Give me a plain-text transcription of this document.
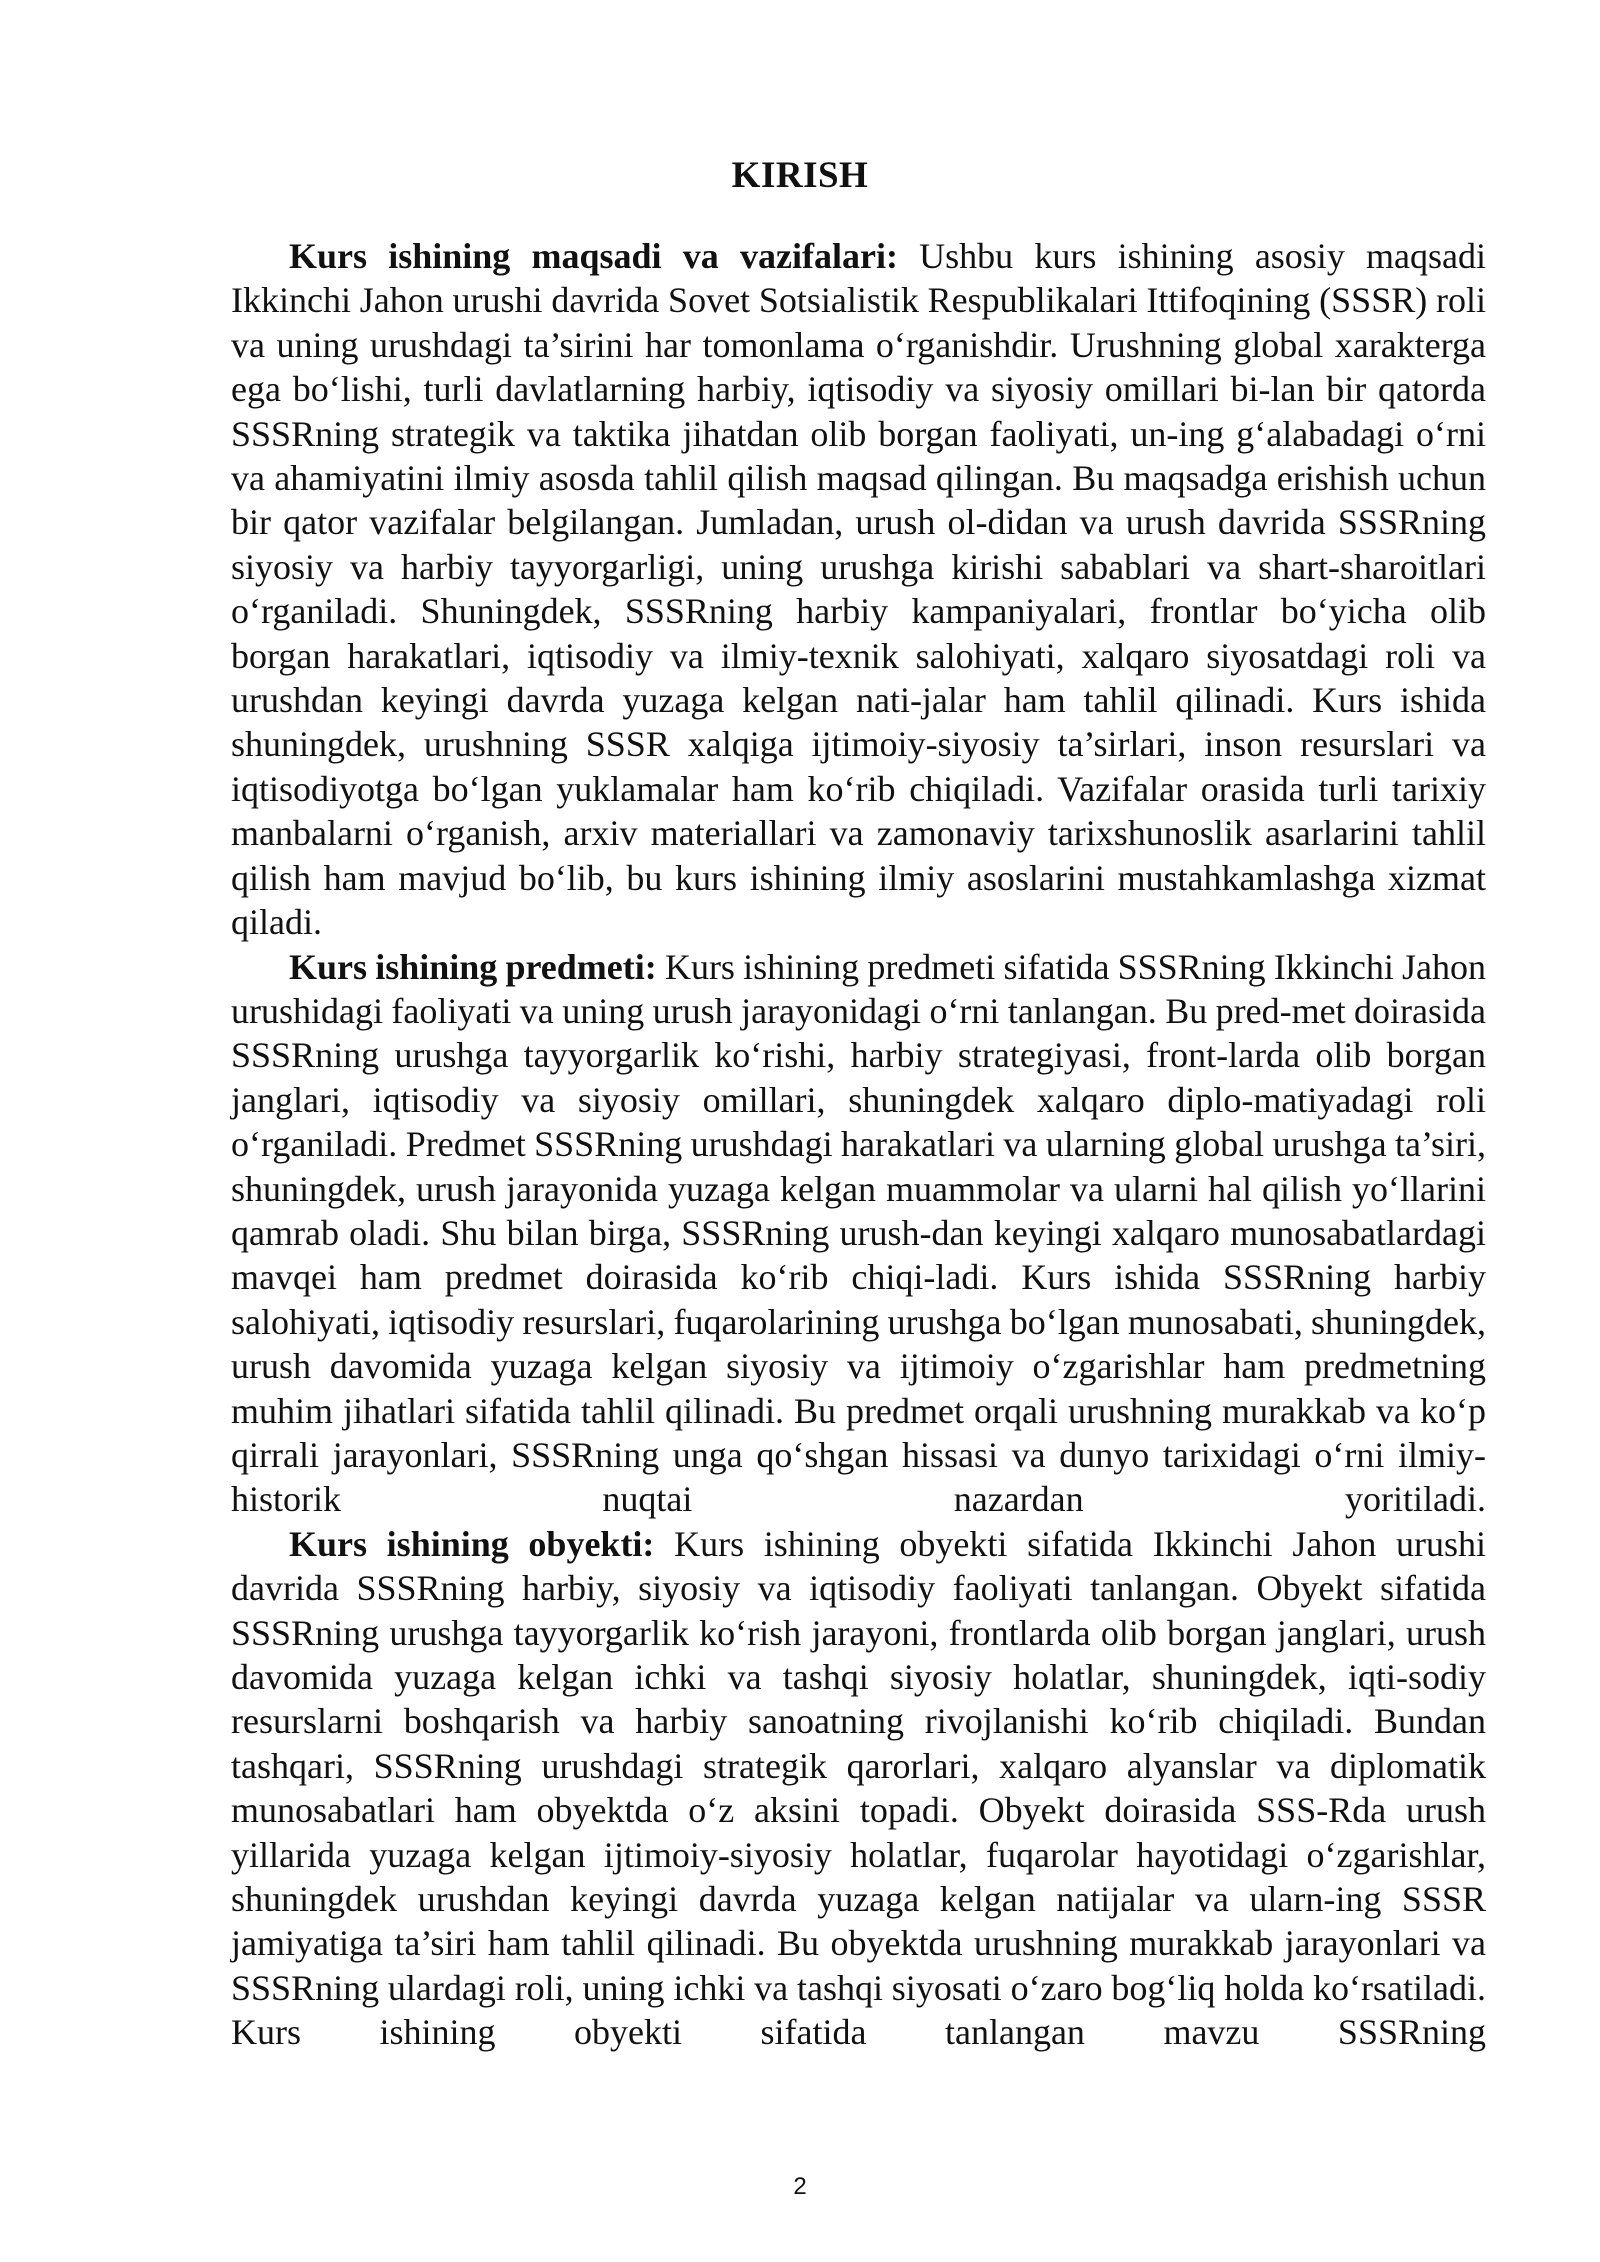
KIRISH

Kurs ishining maqsadi va vazifalari: Ushbu kurs ishining asosiy maqsadi Ikkinchi Jahon urushi davrida Sovet Sotsialistik Respublikalari Ittifoqining (SSSR) roli va uning urushdagi ta’sirini har tomonlama o‘rganishdir. Urushning global xarakterga ega bo‘lishi, turli davlatlarning harbiy, iqtisodiy va siyosiy omillari bi-lan bir qatorda SSSRning strategik va taktika jihatdan olib borgan faoliyati, un-ing g‘alabadagi o‘rni va ahamiyatini ilmiy asosda tahlil qilish maqsad qilingan. Bu maqsadga erishish uchun bir qator vazifalar belgilangan. Jumladan, urush ol-didan va urush davrida SSSRning siyosiy va harbiy tayyorgarligi, uning urushga kirishi sabablari va shart-sharoitlari o‘rganiladi. Shuningdek, SSSRning harbiy kampaniyalari, frontlar bo‘yicha olib borgan harakatlari, iqtisodiy va ilmiy-texnik salohiyati, xalqaro siyosatdagi roli va urushdan keyingi davrda yuzaga kelgan nati-jalar ham tahlil qilinadi. Kurs ishida shuningdek, urushning SSSR xalqiga ijtimoiy-siyosiy ta’sirlari, inson resurslari va iqtisodiyotga bo‘lgan yuklamalar ham ko‘rib chiqiladi. Vazifalar orasida turli tarixiy manbalarni o‘rganish, arxiv materiallari va zamonaviy tarixshunoslik asarlarini tahlil qilish ham mavjud bo‘lib, bu kurs ishining ilmiy asoslarini mustahkamlashga xizmat qiladi.

Kurs ishining predmeti: Kurs ishining predmeti sifatida SSSRning Ikkinchi Jahon urushidagi faoliyati va uning urush jarayonidagi o‘rni tanlangan. Bu pred-met doirasida SSSRning urushga tayyorgarlik ko‘rishi, harbiy strategiyasi, front-larda olib borgan janglari, iqtisodiy va siyosiy omillari, shuningdek xalqaro diplo-matiyadagi roli o‘rganiladi. Predmet SSSRning urushdagi harakatlari va ularning global urushga ta’siri, shuningdek, urush jarayonida yuzaga kelgan muammolar va ularni hal qilish yo‘llarini qamrab oladi. Shu bilan birga, SSSRning urush-dan keyingi xalqaro munosabatlardagi mavqei ham predmet doirasida ko‘rib chiqi-ladi. Kurs ishida SSSRning harbiy salohiyati, iqtisodiy resurslari, fuqarolarining urushga bo‘lgan munosabati, shuningdek, urush davomida yuzaga kelgan siyosiy va ijtimoiy o‘zgarishlar ham predmetning muhim jihatlari sifatida tahlil qilinadi. Bu predmet orqali urushning murakkab va ko‘p qirrali jarayonlari, SSSRning unga qo‘shgan hissasi va dunyo tarixidagi o‘rni ilmiy-historik nuqtai nazardan yoritiladi.

Kurs ishining obyekti: Kurs ishining obyekti sifatida Ikkinchi Jahon urushi davrida SSSRning harbiy, siyosiy va iqtisodiy faoliyati tanlangan. Obyekt sifatida SSSRning urushga tayyorgarlik ko‘rish jarayoni, frontlarda olib borgan janglari, urush davomida yuzaga kelgan ichki va tashqi siyosiy holatlar, shuningdek, iqti-sodiy resurslarni boshqarish va harbiy sanoatning rivojlanishi ko‘rib chiqiladi. Bundan tashqari, SSSRning urushdagi strategik qarorlari, xalqaro alyanslar va diplomatik munosabatlari ham obyektda o‘z aksini topadi. Obyekt doirasida SSS-Rda urush yillarida yuzaga kelgan ijtimoiy-siyosiy holatlar, fuqarolar hayotidagi o‘zgarishlar, shuningdek urushdan keyingi davrda yuzaga kelgan natijalar va ularn-ing SSSR jamiyatiga ta’siri ham tahlil qilinadi. Bu obyektda urushning murakkab jarayonlari va SSSRning ulardagi roli, uning ichki va tashqi siyosati o‘zaro bog‘liq holda ko‘rsatiladi. Kurs ishining obyekti sifatida tanlangan mavzu SSSRning

2
